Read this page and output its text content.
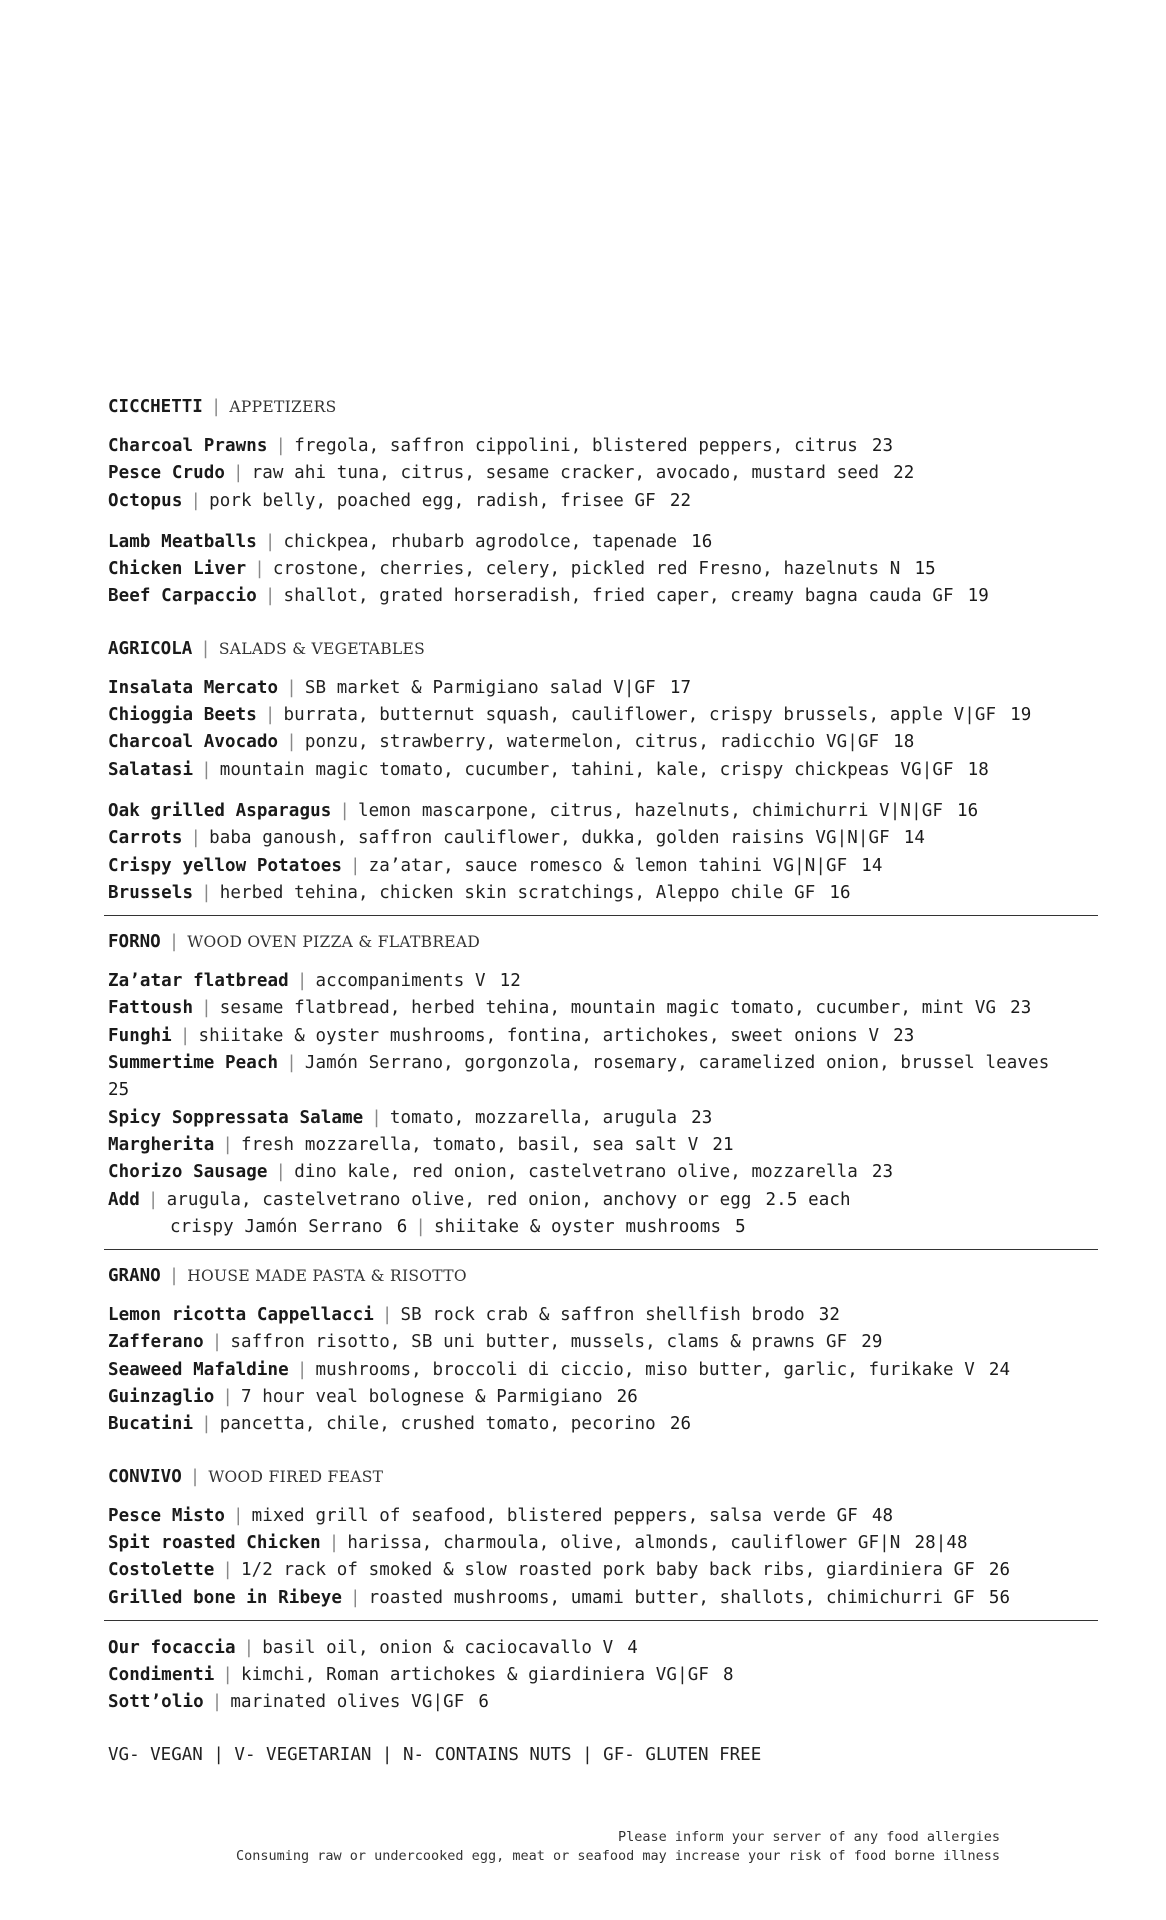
CICCHETTI | APPETIZERS
Charcoal Prawns | fregola, saffron cippolini, blistered peppers, citrus 23
Pesce Crudo | raw ahi tuna, citrus, sesame cracker, avocado, mustard seed 22
Octopus | pork belly, poached egg, radish, frisee GF 22
Lamb Meatballs | chickpea, rhubarb agrodolce, tapenade 16
Chicken Liver | crostone, cherries, celery, pickled red Fresno, hazelnuts N 15
Beef Carpaccio | shallot, grated horseradish, fried caper, creamy bagna cauda GF 19
AGRICOLA | SALADS & VEGETABLES
Insalata Mercato | SB market & Parmigiano salad V|GF 17
Chioggia Beets | burrata, butternut squash, cauliflower, crispy brussels, apple V|GF 19
Charcoal Avocado | ponzu, strawberry, watermelon, citrus, radicchio VG|GF 18
Salatasi | mountain magic tomato, cucumber, tahini, kale, crispy chickpeas VG|GF 18
Oak grilled Asparagus | lemon mascarpone, citrus, hazelnuts, chimichurri V|N|GF 16
Carrots | baba ganoush, saffron cauliflower, dukka, golden raisins VG|N|GF 14
Crispy yellow Potatoes | za’atar, sauce romesco & lemon tahini VG|N|GF 14
Brussels | herbed tehina, chicken skin scratchings, Aleppo chile GF 16
FORNO | WOOD OVEN PIZZA & FLATBREAD
Za’atar flatbread | accompaniments V 12
Fattoush | sesame flatbread, herbed tehina, mountain magic tomato, cucumber, mint VG 23
Funghi | shiitake & oyster mushrooms, fontina, artichokes, sweet onions V 23
Summertime Peach | Jamón Serrano, gorgonzola, rosemary, caramelized onion, brussel leaves
25
Spicy Soppressata Salame | tomato, mozzarella, arugula 23
Margherita | fresh mozzarella, tomato, basil, sea salt V 21
Chorizo Sausage | dino kale, red onion, castelvetrano olive, mozzarella 23
Add | arugula, castelvetrano olive, red onion, anchovy or egg 2.5 each
crispy Jamón Serrano 6 | shiitake & oyster mushrooms 5
GRANO | HOUSE MADE PASTA & RISOTTO
Lemon ricotta Cappellacci | SB rock crab & saffron shellfish brodo 32
Zafferano | saffron risotto, SB uni butter, mussels, clams & prawns GF 29
Seaweed Mafaldine | mushrooms, broccoli di ciccio, miso butter, garlic, furikake V 24
Guinzaglio | 7 hour veal bolognese & Parmigiano 26
Bucatini | pancetta, chile, crushed tomato, pecorino 26
CONVIVO | WOOD FIRED FEAST
Pesce Misto | mixed grill of seafood, blistered peppers, salsa verde GF 48
Spit roasted Chicken | harissa, charmoula, olive, almonds, cauliflower GF|N 28|48
Costolette | 1/2 rack of smoked & slow roasted pork baby back ribs, giardiniera GF 26
Grilled bone in Ribeye | roasted mushrooms, umami butter, shallots, chimichurri GF 56
Our focaccia | basil oil, onion & caciocavallo V 4
Condimenti | kimchi, Roman artichokes & giardiniera VG|GF 8
Sott’olio | marinated olives VG|GF 6
VG- VEGAN | V- VEGETARIAN | N- CONTAINS NUTS | GF- GLUTEN FREE
Please inform your server of any food allergies
Consuming raw or undercooked egg, meat or seafood may increase your risk of food borne illness
